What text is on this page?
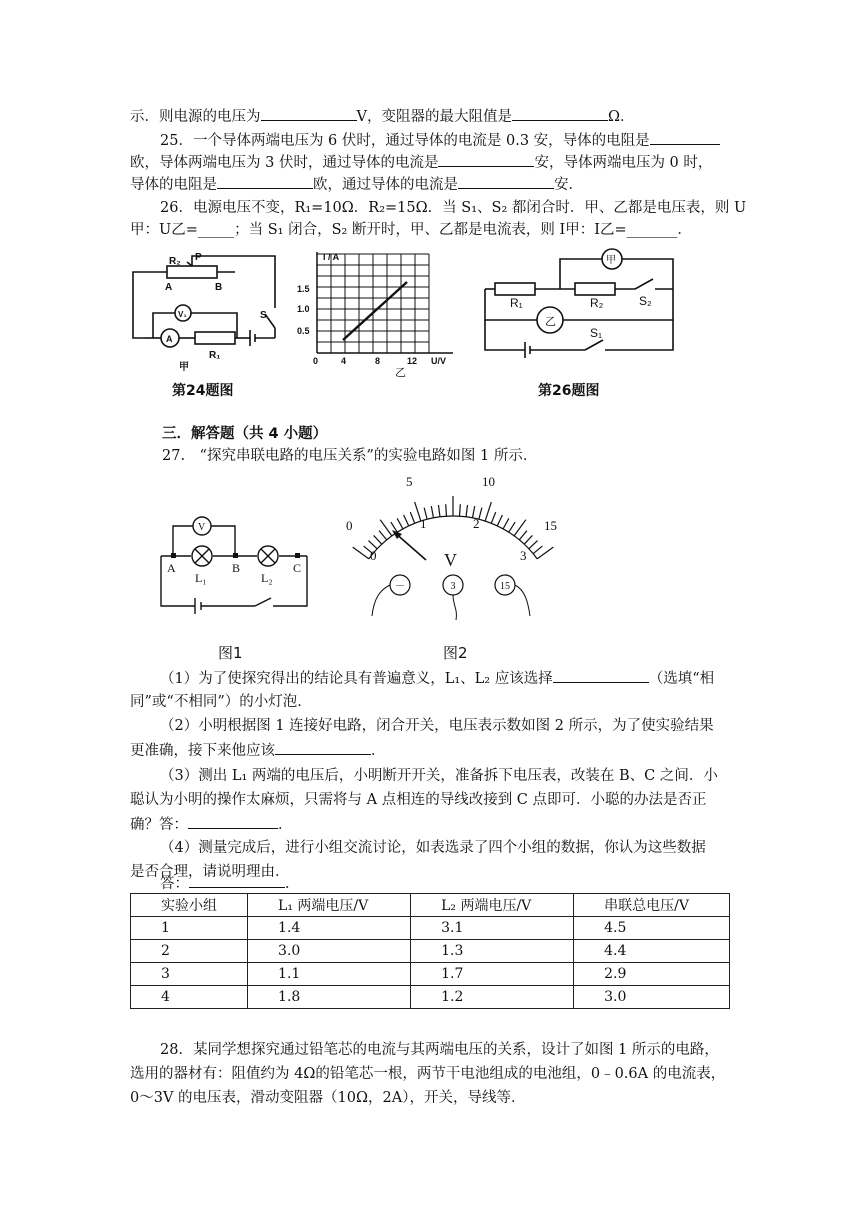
示．则电源的电压为	V，变阻器的最大阻值是	Ω．
25．一个导体两端电压为 6 伏时，通过导体的电流是 0.3 安，导体的电阻是
欧，导体两端电压为 3 伏时，通过导体的电流是	安，导体两端电压为 0 时，
导体的电阻是	欧，通过导体的电流是	安．
26．电源电压不变，R₁=10Ω．R₂=15Ω．当 S₁、S₂ 都闭合时．甲、乙都是电压表，则 U
甲：U乙=_____；当 S₁ 闭合，S₂ 断开时，甲、乙都是电流表，则 I甲：I乙=_______．
R₂ P
A	B
V₁
A
R₁
S
甲
第24题图
I / A
1.5
1.0
0.5
0	4	8	12 U/V
乙
甲
乙
R₁	R₂	S₂
S₁
第26题图
三．解答题（共 4 小题）
27.　“探究串联电路的电压关系”的实验电路如图 1 所示．
V
A	B	C
L₁	L₂
图1
5	10
15
0
0
1	2
3
V
－	3	15
图2
（1）为了使探究得出的结论具有普遍意义，L₁、L₂ 应该选择	（选填“相
同”或“不相同”）的小灯泡．
（2）小明根据图 1 连接好电路，闭合开关，电压表示数如图 2 所示，为了使实验结果
更准确，接下来他应该	．
（3）测出 L₁ 两端的电压后，小明断开开关，准备拆下电压表，改装在 B、C 之间．小
聪认为小明的操作太麻烦，只需将与 A 点相连的导线改接到 C 点即可．小聪的办法是否正
确？答：	．
（4）测量完成后，进行小组交流讨论，如表选录了四个小组的数据，你认为这些数据
是否合理，请说明理由．
答：	．
实验小组	L₁ 两端电压/V	L₂ 两端电压/V	串联总电压/V
1	1.4	3.1	4.5
2	3.0	1.3	4.4
3	1.1	1.7	2.9
4	1.8	1.2	3.0
28．某同学想探究通过铅笔芯的电流与其两端电压的关系，设计了如图 1 所示的电路，
选用的器材有：阻值约为 4Ω的铅笔芯一根，两节干电池组成的电池组，0﹣0.6A 的电流表，
0～3V 的电压表，滑动变阻器（10Ω，2A），开关，导线等．
